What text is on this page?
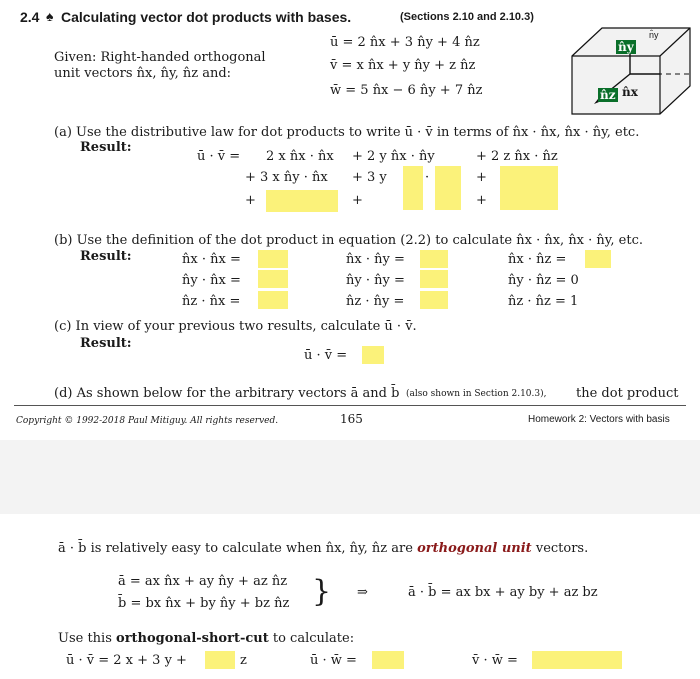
2.4 ♠ Calculating vector dot products with bases.	(Sections 2.10 and 2.10.3)
Given: Right-handed orthogonal
unit vectors n̂x, n̂y, n̂z and:
ū = 2 n̂x + 3 n̂y + 4 n̂z
v̄ = x n̂x + y n̂y + z n̂z
w̄ = 5 n̂x − 6 n̂y + 7 n̂z
n̂y
n̂y
n̂z n̂x
(a) Use the distributive law for dot products to write ū · v̄ in terms of n̂x · n̂x, n̂x · n̂y, etc.
Result:
ū · v̄ = 2 x n̂x · n̂x + 2 y n̂x · n̂y	+ 2 z n̂x · n̂z
+ 3 x n̂y · n̂x + 3 y	·	+
+	+	+
(b) Use the definition of the dot product in equation (2.2) to calculate n̂x · n̂x, n̂x · n̂y, etc.
Result:	n̂x · n̂x =	n̂x · n̂y =	n̂x · n̂z =
n̂y · n̂x =	n̂y · n̂y =	n̂y · n̂z = 0
n̂z · n̂x =	n̂z · n̂y =	n̂z · n̂z = 1
(c) In view of your previous two results, calculate ū · v̄.
Result:
ū · v̄ =
(d) As shown below for the arbitrary vectors ā and b̄ (also shown in Section 2.10.3), the dot product
Copyright © 1992-2018 Paul Mitiguy. All rights reserved.	165	Homework 2: Vectors with basis
ā · b̄ is relatively easy to calculate when n̂x, n̂y, n̂z are orthogonal unit vectors.
ā = ax n̂x + ay n̂y + az n̂z
b̄ = bx n̂x + by n̂y + bz n̂z } ⇒	ā · b̄ = ax bx + ay by + az bz
Use this orthogonal-short-cut to calculate:
ū · v̄ = 2 x + 3 y +	z	ū · w̄ =	v̄ · w̄ =
